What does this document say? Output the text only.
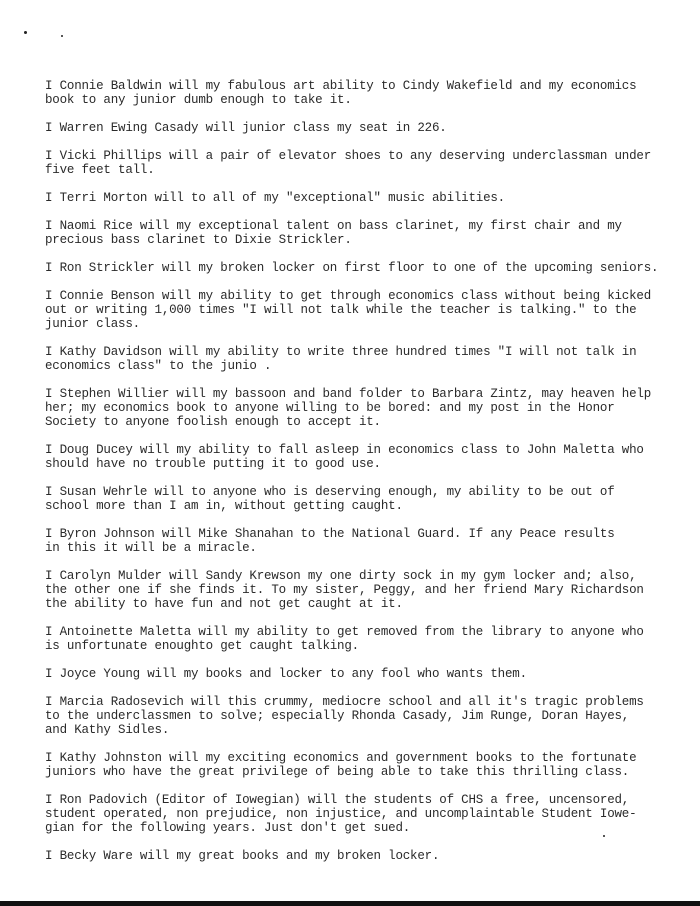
I Connie Baldwin will my fabulous art ability to Cindy Wakefield and my economics
book to any junior dumb enough to take it.

I Warren Ewing Casady will junior class my seat in 226.

I Vicki Phillips will a pair of elevator shoes to any deserving underclassman under
five feet tall.

I Terri Morton will to all of my "exceptional" music abilities.

I Naomi Rice will my exceptional talent on bass clarinet, my first chair and my
precious bass clarinet to Dixie Strickler.

I Ron Strickler will my broken locker on first floor to one of the upcoming seniors.

I Connie Benson will my ability to get through economics class without being kicked
out or writing 1,000 times "I will not talk while the teacher is talking." to the
junior class.

I Kathy Davidson will my ability to write three hundred times "I will not talk in
economics class" to the junio .

I Stephen Willier will my bassoon and band folder to Barbara Zintz, may heaven help
her; my economics book to anyone willing to be bored: and my post in the Honor
Society to anyone foolish enough to accept it.

I Doug Ducey will my ability to fall asleep in economics class to John Maletta who
should have no trouble putting it to good use.

I Susan Wehrle will to anyone who is deserving enough, my ability to be out of
school more than I am in, without getting caught.

I Byron Johnson will Mike Shanahan to the National Guard. If any Peace results
in this it will be a miracle.

I Carolyn Mulder will Sandy Krewson my one dirty sock in my gym locker and; also,
the other one if she finds it. To my sister, Peggy, and her friend Mary Richardson
the ability to have fun and not get caught at it.

I Antoinette Maletta will my ability to get removed from the library to anyone who
is unfortunate enoughto get caught talking.

I Joyce Young will my books and locker to any fool who wants them.

I Marcia Radosevich will this crummy, mediocre school and all it's tragic problems
to the underclassmen to solve; especially Rhonda Casady, Jim Runge, Doran Hayes,
and Kathy Sidles.

I Kathy Johnston will my exciting economics and government books to the fortunate
juniors who have the great privilege of being able to take this thrilling class.

I Ron Padovich (Editor of Iowegian) will the students of CHS a free, uncensored,
student operated, non prejudice, non injustice, and uncomplaintable Student Iowe-
gian for the following years. Just don't get sued.

I Becky Ware will my great books and my broken locker.
